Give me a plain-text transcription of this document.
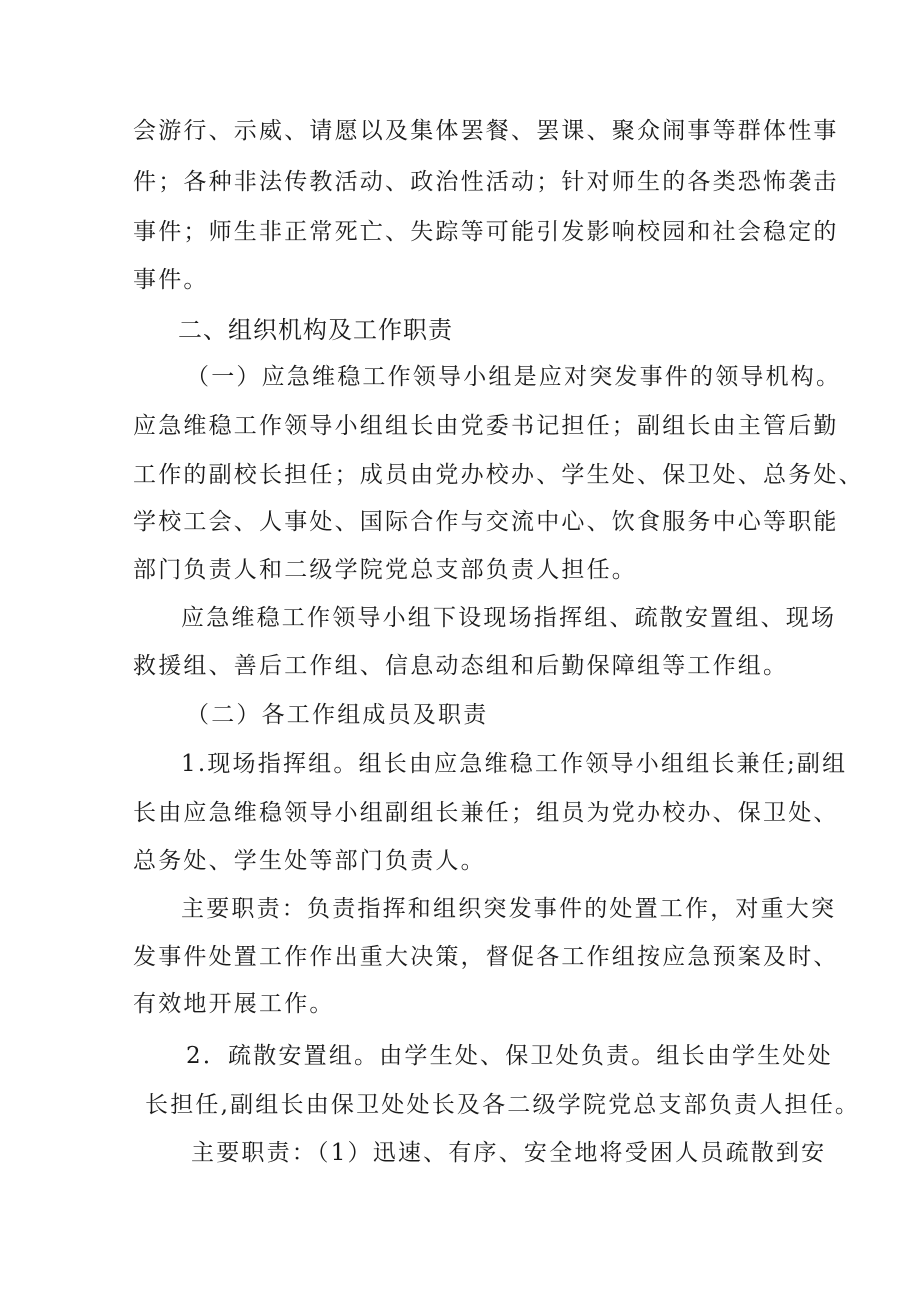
会游行、示威、请愿以及集体罢餐、罢课、聚众闹事等群体性事
件；各种非法传教活动、政治性活动；针对师生的各类恐怖袭击
事件；师生非正常死亡、失踪等可能引发影响校园和社会稳定的
事件。
二、组织机构及工作职责
（一）应急维稳工作领导小组是应对突发事件的领导机构。
应急维稳工作领导小组组长由党委书记担任；副组长由主管后勤
工作的副校长担任；成员由党办校办、学生处、保卫处、总务处、
学校工会、人事处、国际合作与交流中心、饮食服务中心等职能
部门负责人和二级学院党总支部负责人担任。
应急维稳工作领导小组下设现场指挥组、疏散安置组、现场
救援组、善后工作组、信息动态组和后勤保障组等工作组。
（二）各工作组成员及职责
1.现场指挥组。组长由应急维稳工作领导小组组长兼任;副组
长由应急维稳领导小组副组长兼任；组员为党办校办、保卫处、
总务处、学生处等部门负责人。
主要职责：负责指挥和组织突发事件的处置工作，对重大突
发事件处置工作作出重大决策，督促各工作组按应急预案及时、
有效地开展工作。
2．疏散安置组。由学生处、保卫处负责。组长由学生处处
长担任,副组长由保卫处处长及各二级学院党总支部负责人担任。
主要职责：（1）迅速、有序、安全地将受困人员疏散到安
